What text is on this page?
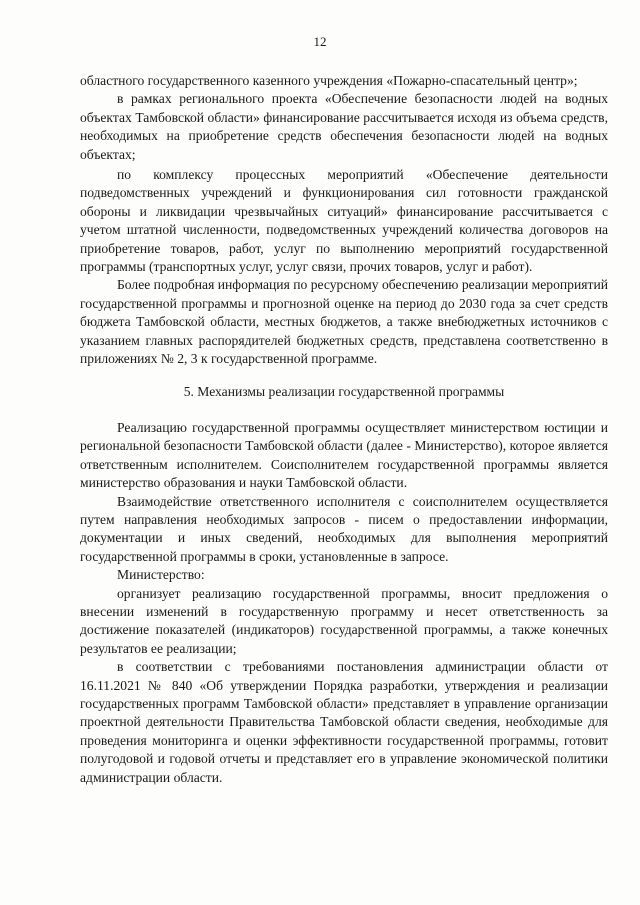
12

областного государственного казенного учреждения «Пожарно-спасательный центр»;

в рамках регионального проекта «Обеспечение безопасности людей на водных объектах Тамбовской области» финансирование рассчитывается исходя из объема средств, необходимых на приобретение средств обеспечения безопасности людей на водных объектах;

по комплексу процессных мероприятий «Обеспечение деятельности подведомственных учреждений и функционирования сил готовности гражданской обороны и ликвидации чрезвычайных ситуаций» финансирование рассчитывается с учетом штатной численности, подведомственных учреждений количества договоров на приобретение товаров, работ, услуг по выполнению мероприятий государственной программы (транспортных услуг, услуг связи, прочих товаров, услуг и работ).

Более подробная информация по ресурсному обеспечению реализации мероприятий государственной программы и прогнозной оценке на период до 2030 года за счет средств бюджета Тамбовской области, местных бюджетов, а также внебюджетных источников с указанием главных распорядителей бюджетных средств, представлена соответственно в приложениях № 2, 3 к государственной программе.

5. Механизмы реализации государственной программы

Реализацию государственной программы осуществляет министерством юстиции и региональной безопасности Тамбовской области (далее - Министерство), которое является ответственным исполнителем. Соисполнителем государственной программы является министерство образования и науки Тамбовской области.

Взаимодействие ответственного исполнителя с соисполнителем осуществляется путем направления необходимых запросов - писем о предоставлении информации, документации и иных сведений, необходимых для выполнения мероприятий государственной программы в сроки, установленные в запросе.

Министерство:

организует реализацию государственной программы, вносит предложения о внесении изменений в государственную программу и несет ответственность за достижение показателей (индикаторов) государственной программы, а также конечных результатов ее реализации;

в соответствии с требованиями постановления администрации области от 16.11.2021 № 840 «Об утверждении Порядка разработки, утверждения и реализации государственных программ Тамбовской области» представляет в управление организации проектной деятельности Правительства Тамбовской области сведения, необходимые для проведения мониторинга и оценки эффективности государственной программы, готовит полугодовой и годовой отчеты и представляет его в управление экономической политики администрации области.
